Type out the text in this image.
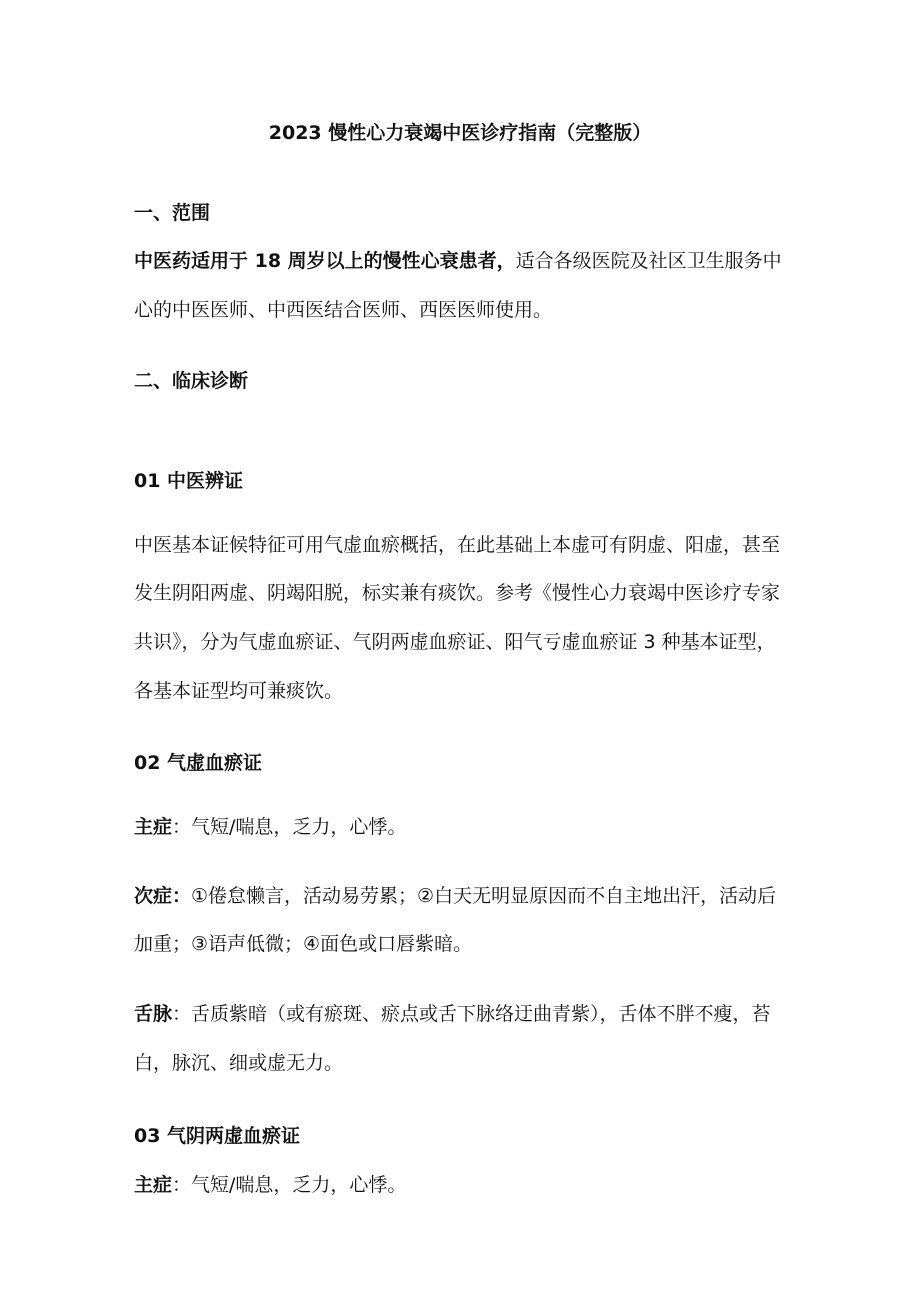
2023 慢性心力衰竭中医诊疗指南（完整版）

一、范围

中医药适用于 18 周岁以上的慢性心衰患者，适合各级医院及社区卫生服务中

心的中医医师、中西医结合医师、西医医师使用。

二、临床诊断

01 中医辨证

中医基本证候特征可用气虚血瘀概括，在此基础上本虚可有阴虚、阳虚，甚至

发生阴阳两虚、阴竭阳脱，标实兼有痰饮。参考《慢性心力衰竭中医诊疗专家

共识》，分为气虚血瘀证、气阴两虚血瘀证、阳气亏虚血瘀证 3 种基本证型，

各基本证型均可兼痰饮。

02 气虚血瘀证

主症：气短/喘息，乏力，心悸。

次症：①倦怠懒言，活动易劳累；②白天无明显原因而不自主地出汗，活动后

加重；③语声低微；④面色或口唇紫暗。

舌脉：舌质紫暗（或有瘀斑、瘀点或舌下脉络迂曲青紫），舌体不胖不瘦，苔

白，脉沉、细或虚无力。

03 气阴两虚血瘀证

主症：气短/喘息，乏力，心悸。
